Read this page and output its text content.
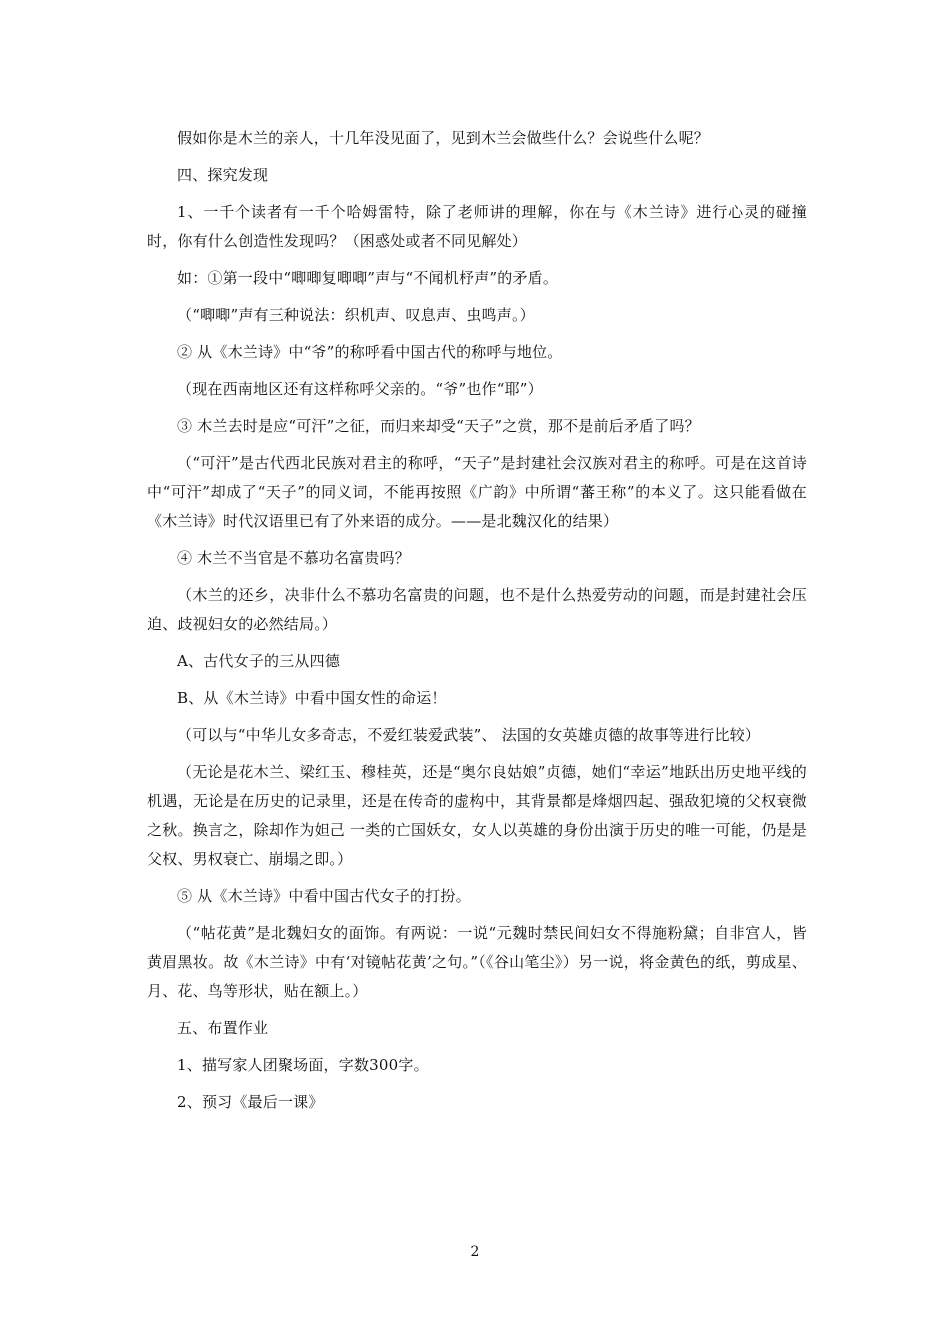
假如你是木兰的亲人，十几年没见面了，见到木兰会做些什么？会说些什么呢？

四、探究发现

1、一千个读者有一千个哈姆雷特，除了老师讲的理解，你在与《木兰诗》进行心灵的碰撞时，你有什么创造性发现吗？（困惑处或者不同见解处）

如：①第一段中“唧唧复唧唧”声与“不闻机杼声”的矛盾。

（“唧唧”声有三种说法：织机声、叹息声、虫鸣声。）

② 从《木兰诗》中“爷”的称呼看中国古代的称呼与地位。

（现在西南地区还有这样称呼父亲的。“爷”也作“耶”）

③ 木兰去时是应“可汗”之征，而归来却受“天子”之赏，那不是前后矛盾了吗？

（“可汗”是古代西北民族对君主的称呼，“天子”是封建社会汉族对君主的称呼。可是在这首诗中“可汗”却成了“天子”的同义词，不能再按照《广韵》中所谓“蕃王称”的本义了。这只能看做在《木兰诗》时代汉语里已有了外来语的成分。——是北魏汉化的结果）

④ 木兰不当官是不慕功名富贵吗？

（木兰的还乡，决非什么不慕功名富贵的问题，也不是什么热爱劳动的问题，而是封建社会压迫、歧视妇女的必然结局。）

A、古代女子的三从四德

B、从《木兰诗》中看中国女性的命运！

（可以与“中华儿女多奇志，不爱红装爱武装”、 法国的女英雄贞德的故事等进行比较）

（无论是花木兰、梁红玉、穆桂英，还是“奥尔良姑娘”贞德，她们“幸运”地跃出历史地平线的机遇，无论是在历史的记录里，还是在传奇的虚构中，其背景都是烽烟四起、强敌犯境的父权衰微之秋。换言之，除却作为妲己 一类的亡国妖女，女人以英雄的身份出演于历史的唯一可能，仍是是父权、男权衰亡、崩塌之即。）

⑤ 从《木兰诗》中看中国古代女子的打扮。

（“帖花黄”是北魏妇女的面饰。有两说：一说“元魏时禁民间妇女不得施粉黛；自非宫人，皆黄眉黑妆。故《木兰诗》中有‘对镜帖花黄’之句。”（《谷山笔尘》）另一说，将金黄色的纸，剪成星、月、花、鸟等形状，贴在额上。）

五、布置作业

1、描写家人团聚场面，字数300字。

2、预习《最后一课》

2
